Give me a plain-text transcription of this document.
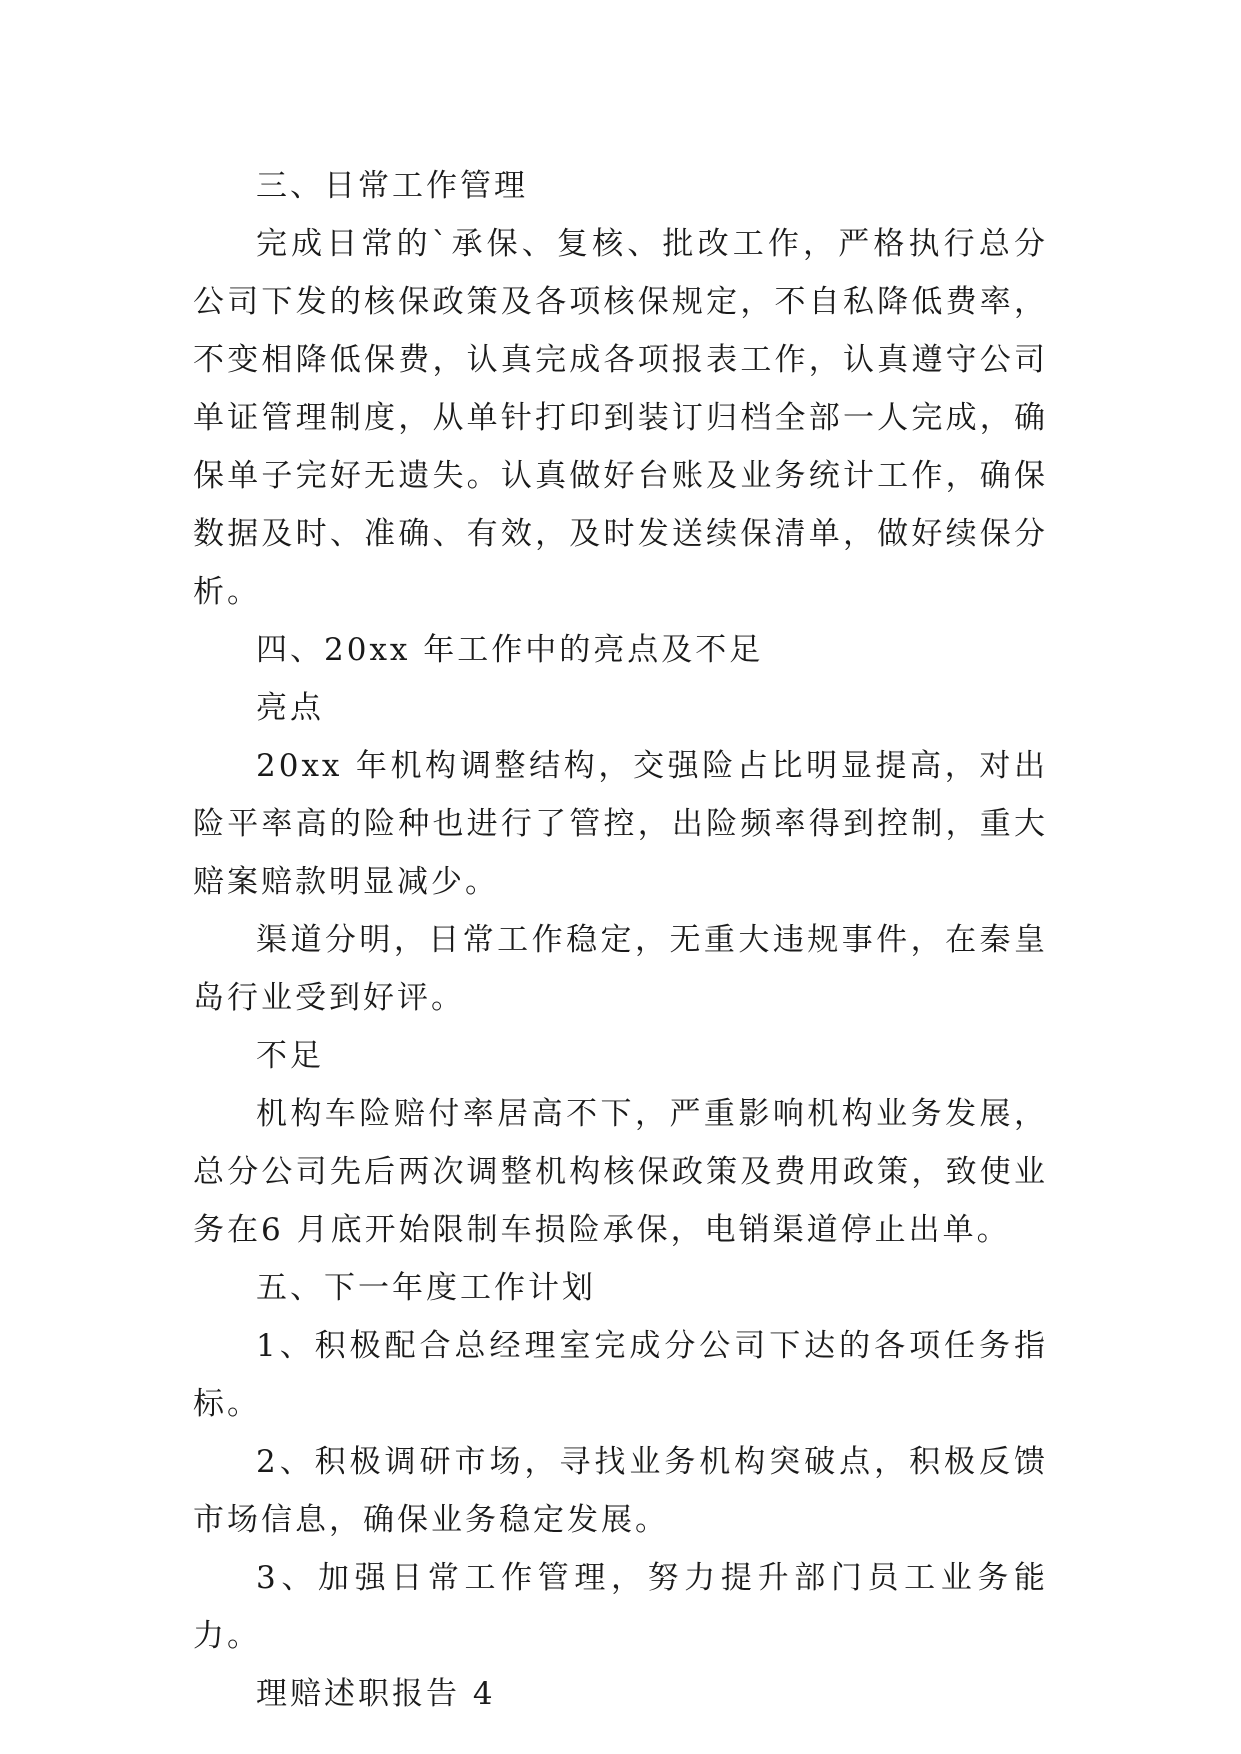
三、日常工作管理

完成日常的`承保、复核、批改工作，严格执行总分公司下发的核保政策及各项核保规定，不自私降低费率，不变相降低保费，认真完成各项报表工作，认真遵守公司单证管理制度，从单针打印到装订归档全部一人完成，确保单子完好无遗失。认真做好台账及业务统计工作，确保数据及时、准确、有效，及时发送续保清单，做好续保分析。

四、20xx 年工作中的亮点及不足

亮点

20xx 年机构调整结构，交强险占比明显提高，对出险平率高的险种也进行了管控，出险频率得到控制，重大赔案赔款明显减少。

渠道分明，日常工作稳定，无重大违规事件，在秦皇岛行业受到好评。

不足

机构车险赔付率居高不下，严重影响机构业务发展，总分公司先后两次调整机构核保政策及费用政策，致使业务在6 月底开始限制车损险承保，电销渠道停止出单。

五、下一年度工作计划

1、积极配合总经理室完成分公司下达的各项任务指标。

2、积极调研市场，寻找业务机构突破点，积极反馈市场信息，确保业务稳定发展。

3、加强日常工作管理，努力提升部门员工业务能力。

理赔述职报告 4
